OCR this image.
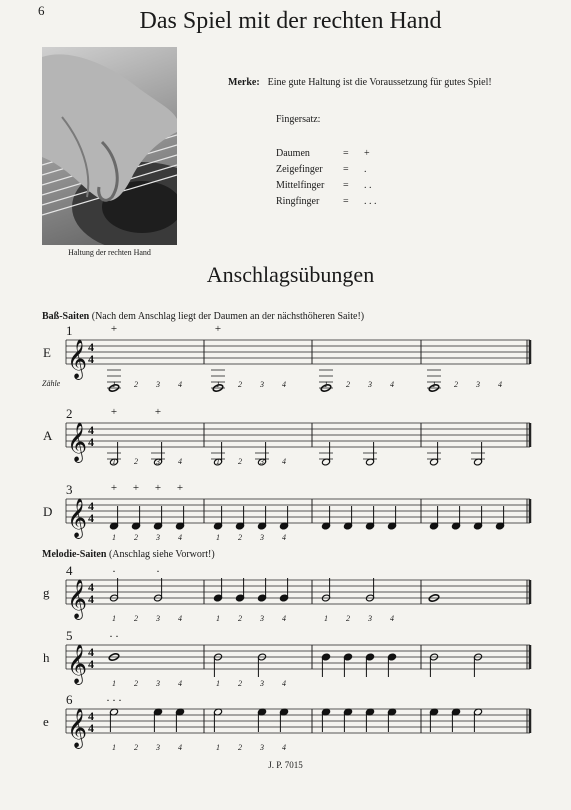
6	Das Spiel mit der rechten Hand
Haltung der rechten Hand
Merke: Eine gute Haltung ist die Voraussetzung für gutes Spiel!
Fingersatz:
Daumen	= +
Zeigefinger = .
Mittelfinger = . .
Ringfinger = . . .
Anschlagsübungen
Baß-Saiten (Nach dem Anschlag liegt der Daumen an der nächsthöheren Saite!)
Melodie-Saiten (Anschlag siehe Vorwort!)
𝄞 4
4
+	+
𝄞 4
4
+	+
𝄞 4
4
+ + + +
𝄞 4
4
.	.
𝄞 4
4
. .
𝄞 4
4
. . .
1
E
Zähle	1	2	3	4	1	2	3	4	1	2	3	4	1	2	3	4
2
A
1	2	3	4	1	2	3	4
3
D
1	2	3	4	1	2	3	4
4
g
1	2	3	4	1	2	3	4	1	2	3	4
5
h
1	2	3	4	1	2	3	4
6
e
1	2	3	4	1	2	3	4
J. P. 7015
